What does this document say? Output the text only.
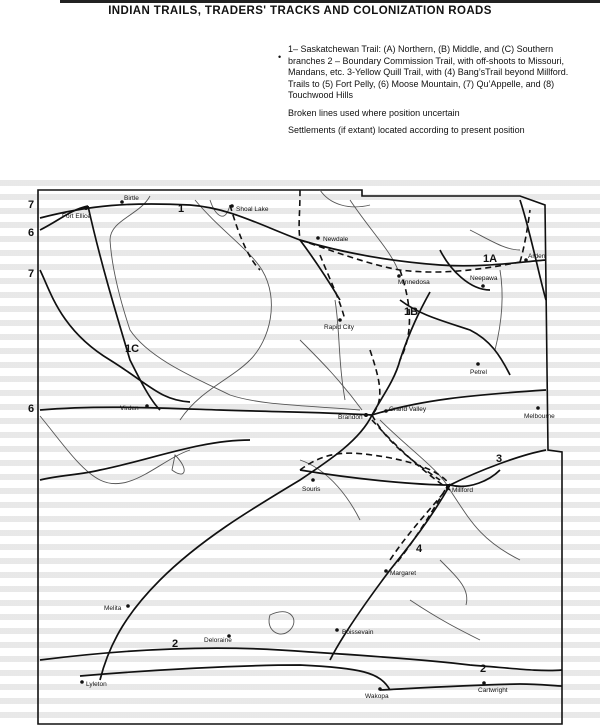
INDIAN TRAILS, TRADERS' TRACKS AND COLONIZATION ROADS

1– Saskatchewan Trail: (A) Northern, (B) Middle, and (C) Southern branches 2 – Boundary Commission Trail, with off-shoots to Missouri, Mandans, etc. 3-Yellow Quill Trail, with (4) Bang’sTrail beyond Millford. Trails to (5) Fort Pelly, (6) Moose Mountain, (7) Qu’Appelle, and (8) Touchwood Hills

•

Broken lines used where position uncertain

Settlements (if extant) located according to present position

Fort Ellice
Birtle
Shoal Lake
Newdale
Arden
Neepawa
Minnedosa
Rapid City
Petrel
Virden
Brandon
Grand Valley
Melbourne
Souris	Millford
Margaret
Melita
Deloraine
Boissevain
Lyleton
Wakopa
Cartwright
1
1A
1B
1C
2
2
3
4
6
6
7
7
